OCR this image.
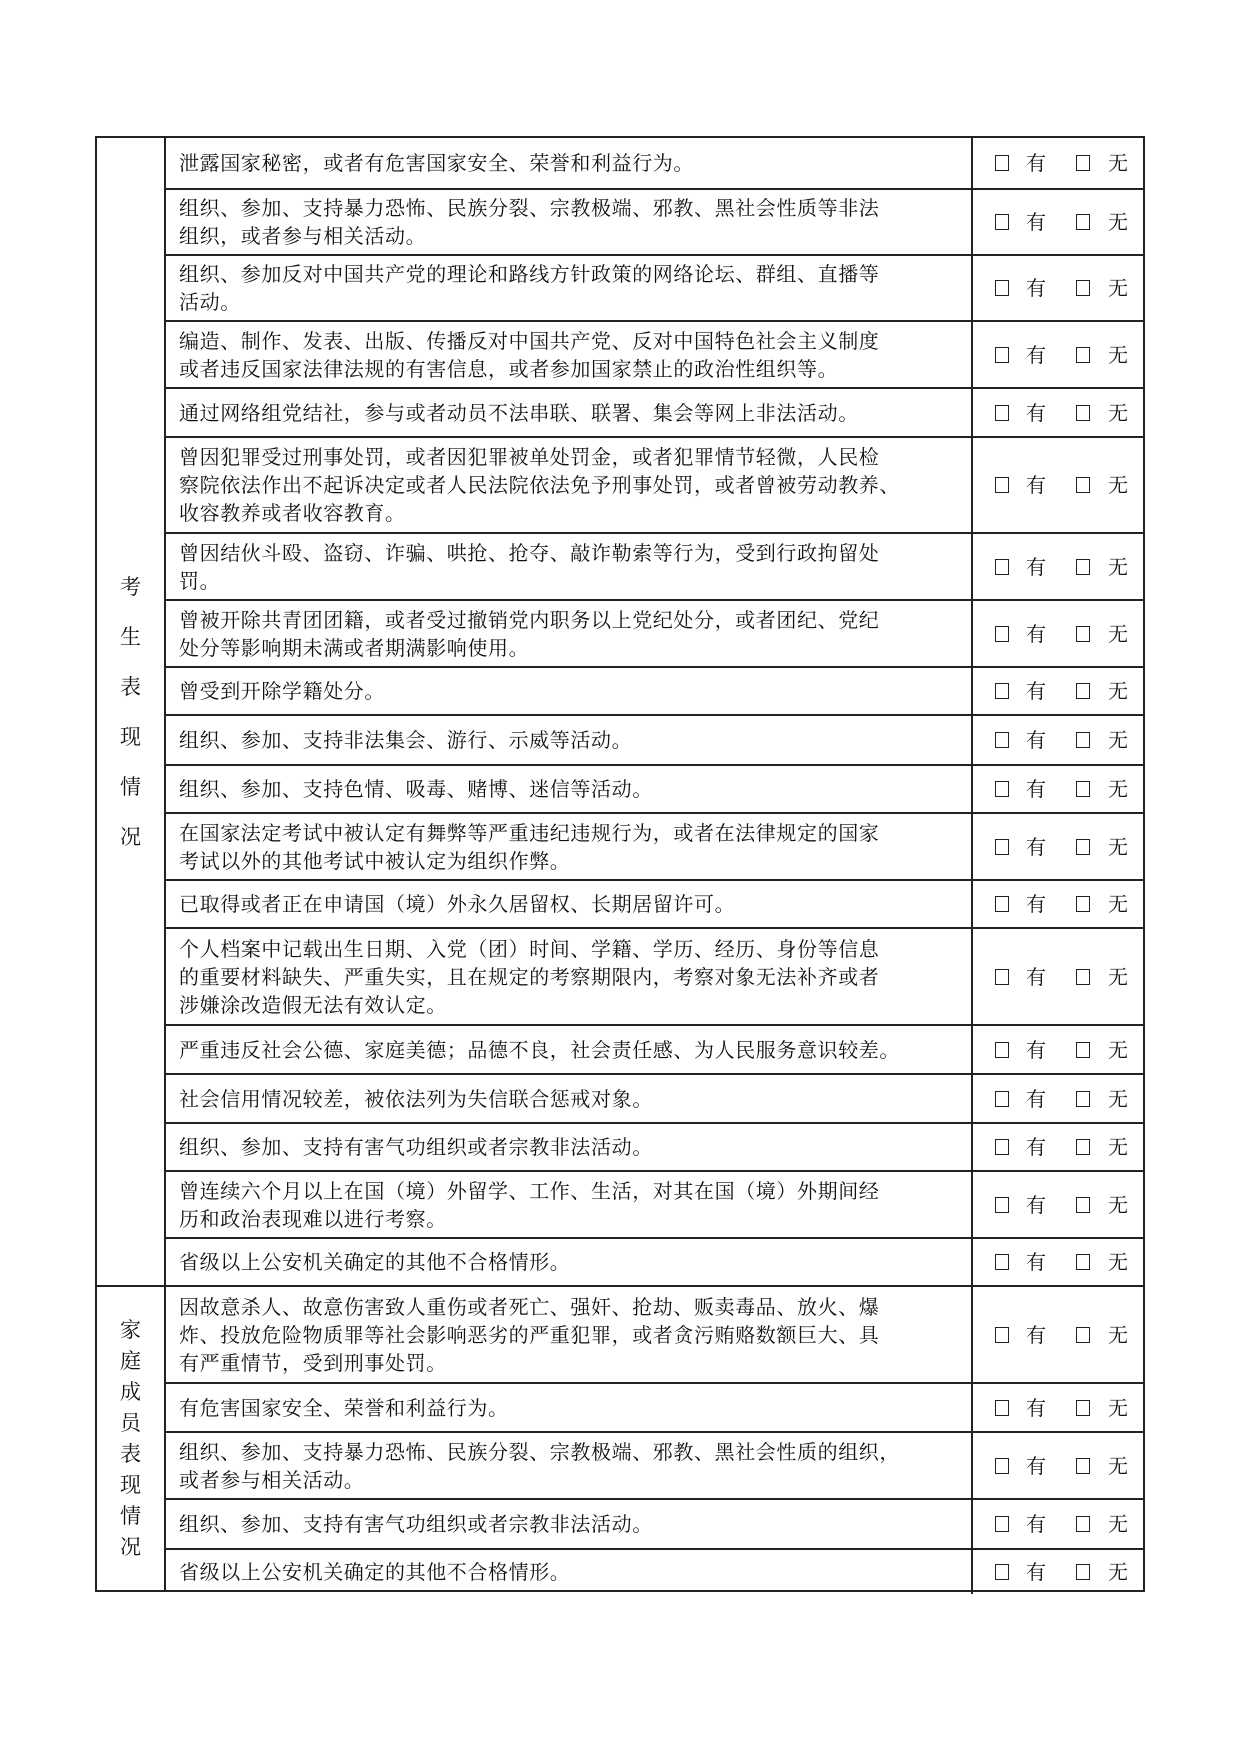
考
生
表
现
情
况
泄露国家秘密，或者有危害国家安全、荣誉和利益行为。	有	无
组织、参加、支持暴力恐怖、民族分裂、宗教极端、邪教、黑社会性质等非法
组织，或者参与相关活动。
有	无
组织、参加反对中国共产党的理论和路线方针政策的网络论坛、群组、直播等
活动。
有	无
编造、制作、发表、出版、传播反对中国共产党、反对中国特色社会主义制度
或者违反国家法律法规的有害信息，或者参加国家禁止的政治性组织等。
有	无
通过网络组党结社，参与或者动员不法串联、联署、集会等网上非法活动。	有	无
曾因犯罪受过刑事处罚，或者因犯罪被单处罚金，或者犯罪情节轻微，人民检
察院依法作出不起诉决定或者人民法院依法免予刑事处罚，或者曾被劳动教养、
收容教养或者收容教育。
有	无
曾因结伙斗殴、盗窃、诈骗、哄抢、抢夺、敲诈勒索等行为，受到行政拘留处
罚。
有	无
曾被开除共青团团籍，或者受过撤销党内职务以上党纪处分，或者团纪、党纪
处分等影响期未满或者期满影响使用。
有	无
曾受到开除学籍处分。	有	无
组织、参加、支持非法集会、游行、示威等活动。	有	无
组织、参加、支持色情、吸毒、赌博、迷信等活动。	有	无
在国家法定考试中被认定有舞弊等严重违纪违规行为，或者在法律规定的国家
考试以外的其他考试中被认定为组织作弊。
有	无
已取得或者正在申请国（境）外永久居留权、长期居留许可。	有	无
个人档案中记载出生日期、入党（团）时间、学籍、学历、经历、身份等信息
的重要材料缺失、严重失实，且在规定的考察期限内，考察对象无法补齐或者
涉嫌涂改造假无法有效认定。
有	无
严重违反社会公德、家庭美德；品德不良，社会责任感、为人民服务意识较差。	有	无
社会信用情况较差，被依法列为失信联合惩戒对象。	有	无
组织、参加、支持有害气功组织或者宗教非法活动。	有	无
曾连续六个月以上在国（境）外留学、工作、生活，对其在国（境）外期间经
历和政治表现难以进行考察。
有	无
省级以上公安机关确定的其他不合格情形。	有	无
家
庭
成
员
表
现
情
况
因故意杀人、故意伤害致人重伤或者死亡、强奸、抢劫、贩卖毒品、放火、爆
炸、投放危险物质罪等社会影响恶劣的严重犯罪，或者贪污贿赂数额巨大、具
有严重情节，受到刑事处罚。
有	无
有危害国家安全、荣誉和利益行为。	有	无
组织、参加、支持暴力恐怖、民族分裂、宗教极端、邪教、黑社会性质的组织，
或者参与相关活动。
有	无
组织、参加、支持有害气功组织或者宗教非法活动。	有	无
省级以上公安机关确定的其他不合格情形。	有	无
